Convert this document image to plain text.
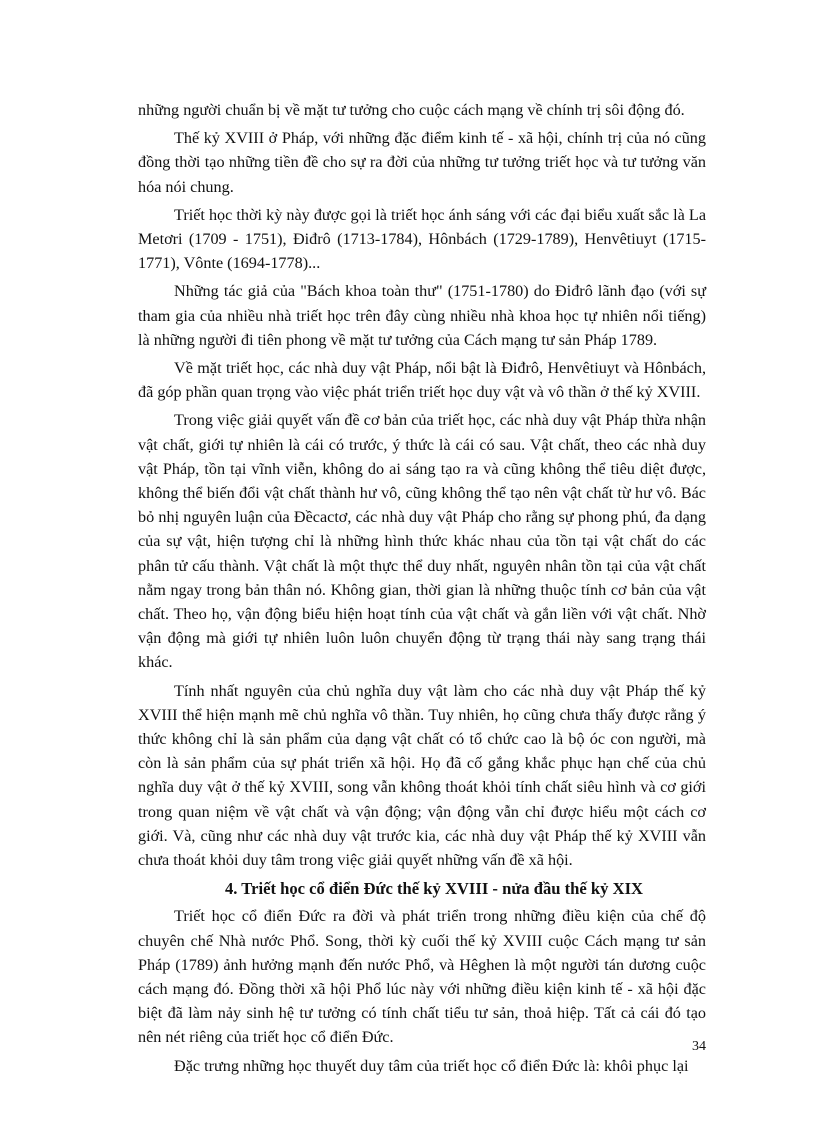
những người chuẩn bị về mặt tư tưởng cho cuộc cách mạng về chính trị sôi động đó.

Thế kỷ XVIII ở Pháp, với những đặc điểm kinh tế - xã hội, chính trị của nó cũng đồng thời tạo những tiền đề cho sự ra đời của những tư tưởng triết học và tư tưởng văn hóa nói chung.

Triết học thời kỳ này được gọi là triết học ánh sáng với các đại biểu xuất sắc là La Metơri (1709 - 1751), Điđrô (1713-1784), Hônbách (1729-1789), Henvêtiuyt (1715-1771), Vônte (1694-1778)...

Những tác giả của "Bách khoa toàn thư" (1751-1780) do Điđrô lãnh đạo (với sự tham gia của nhiều nhà triết học trên đây cùng nhiều nhà khoa học tự nhiên nổi tiếng) là những người đi tiên phong về mặt tư tưởng của Cách mạng tư sản Pháp 1789.

Về mặt triết học, các nhà duy vật Pháp, nổi bật là Điđrô, Henvêtiuyt và Hônbách, đã góp phần quan trọng vào việc phát triển triết học duy vật và vô thần ở thế kỷ XVIII.

Trong việc giải quyết vấn đề cơ bản của triết học, các nhà duy vật Pháp thừa nhận vật chất, giới tự nhiên là cái có trước, ý thức là cái có sau. Vật chất, theo các nhà duy vật Pháp, tồn tại vĩnh viễn, không do ai sáng tạo ra và cũng không thể tiêu diệt được, không thể biến đổi vật chất thành hư vô, cũng không thể tạo nên vật chất từ hư vô. Bác bỏ nhị nguyên luận của Đềcactơ, các nhà duy vật Pháp cho rằng sự phong phú, đa dạng của sự vật, hiện tượng chỉ là những hình thức khác nhau của tồn tại vật chất do các phân tử cấu thành. Vật chất là một thực thể duy nhất, nguyên nhân tồn tại của vật chất nằm ngay trong bản thân nó. Không gian, thời gian là những thuộc tính cơ bản của vật chất. Theo họ, vận động biểu hiện hoạt tính của vật chất và gắn liền với vật chất. Nhờ vận động mà giới tự nhiên luôn luôn chuyển động từ trạng thái này sang trạng thái khác.

Tính nhất nguyên của chủ nghĩa duy vật làm cho các nhà duy vật Pháp thế kỷ XVIII thể hiện mạnh mẽ chủ nghĩa vô thần. Tuy nhiên, họ cũng chưa thấy được rằng ý thức không chỉ là sản phẩm của dạng vật chất có tổ chức cao là bộ óc con người, mà còn là sản phẩm của sự phát triển xã hội. Họ đã cố gắng khắc phục hạn chế của chủ nghĩa duy vật ở thế kỷ XVIII, song vẫn không thoát khỏi tính chất siêu hình và cơ giới trong quan niệm về vật chất và vận động; vận động vẫn chỉ được hiểu một cách cơ giới. Và, cũng như các nhà duy vật trước kia, các nhà duy vật Pháp thế kỷ XVIII vẫn chưa thoát khỏi duy tâm trong việc giải quyết những vấn đề xã hội.

4. Triết học cổ điển Đức thế kỷ XVIII - nửa đầu thế kỷ XIX

Triết học cổ điển Đức ra đời và phát triển trong những điều kiện của chế độ chuyên chế Nhà nước Phổ. Song, thời kỳ cuối thế kỷ XVIII cuộc Cách mạng tư sản Pháp (1789) ảnh hưởng mạnh đến nước Phổ, và Hêghen là một người tán dương cuộc cách mạng đó. Đồng thời xã hội Phổ lúc này với những điều kiện kinh tế - xã hội đặc biệt đã làm nảy sinh hệ tư tưởng có tính chất tiểu tư sản, thoả hiệp. Tất cả cái đó tạo nên nét riêng của triết học cổ điển Đức.

Đặc trưng những học thuyết duy tâm của triết học cổ điển Đức là: khôi phục lại

34
